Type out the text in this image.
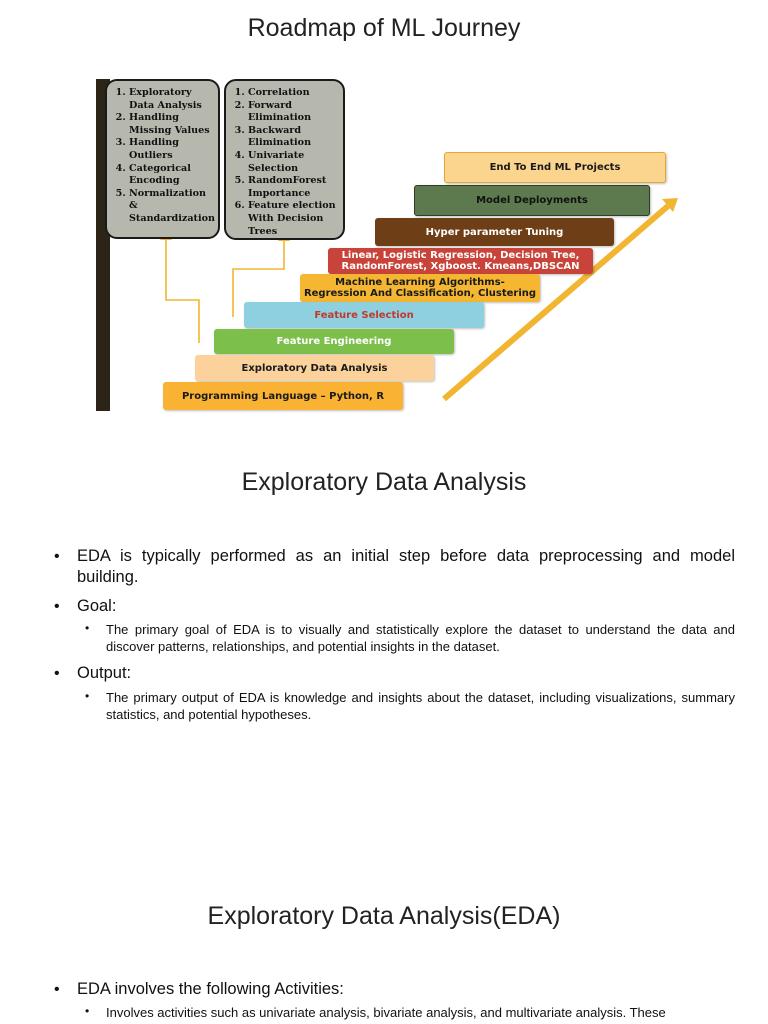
Roadmap of ML Journey
1. Exploratory Data Analysis
2. Handling Missing Values
3. Handling Outliers
4. Categorical Encoding
5. Normalization & Standardization
1. Correlation
2. Forward Elimination
3. Backward Elimination
4. Univariate Selection
5. RandomForest Importance
6. Feature election With Decision Trees
End To End ML Projects
Model Deployments
Hyper parameter Tuning
Linear, Logistic Regression, Decision Tree,
RandomForest, Xgboost. Kmeans,DBSCAN
Machine Learning Algorithms-
Regression And Classification, Clustering
Feature Selection
Feature Engineering
Exploratory Data Analysis
Programming Language – Python, R
Exploratory Data Analysis
• EDA is typically performed as an initial step before data preprocessing and model building.
• Goal:
• The primary goal of EDA is to visually and statistically explore the dataset to understand the data and discover patterns, relationships, and potential insights in the dataset.
• Output:
• The primary output of EDA is knowledge and insights about the dataset, including visualizations, summary statistics, and potential hypotheses.
Exploratory Data Analysis(EDA)
• EDA involves the following Activities:
• Involves activities such as univariate analysis, bivariate analysis, and multivariate analysis. These
